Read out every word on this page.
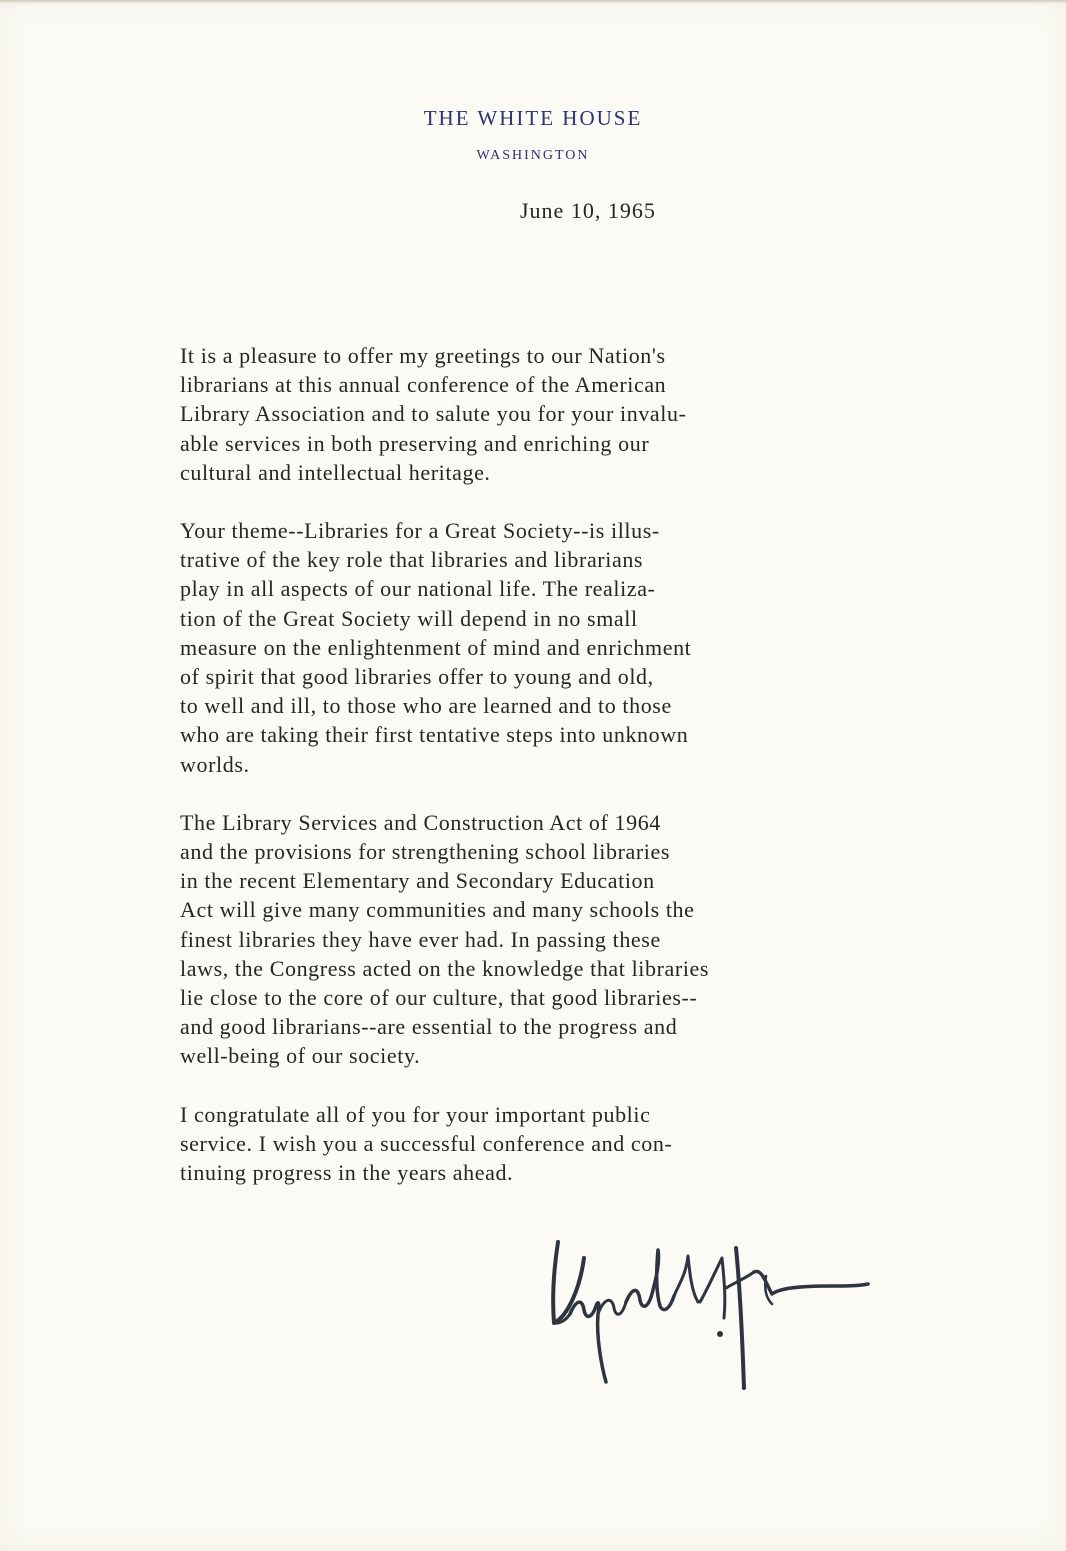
THE WHITE HOUSE
WASHINGTON
June 10, 1965

It is a pleasure to offer my greetings to our Nation's
librarians at this annual conference of the American
Library Association and to salute you for your invalu-
able services in both preserving and enriching our
cultural and intellectual heritage.

Your theme--Libraries for a Great Society--is illus-
trative of the key role that libraries and librarians
play in all aspects of our national life. The realiza-
tion of the Great Society will depend in no small
measure on the enlightenment of mind and enrichment
of spirit that good libraries offer to young and old,
to well and ill, to those who are learned and to those
who are taking their first tentative steps into unknown
worlds.

The Library Services and Construction Act of 1964
and the provisions for strengthening school libraries
in the recent Elementary and Secondary Education
Act will give many communities and many schools the
finest libraries they have ever had. In passing these
laws, the Congress acted on the knowledge that libraries
lie close to the core of our culture, that good libraries--
and good librarians--are essential to the progress and
well-being of our society.

I congratulate all of you for your important public
service. I wish you a successful conference and con-
tinuing progress in the years ahead.
